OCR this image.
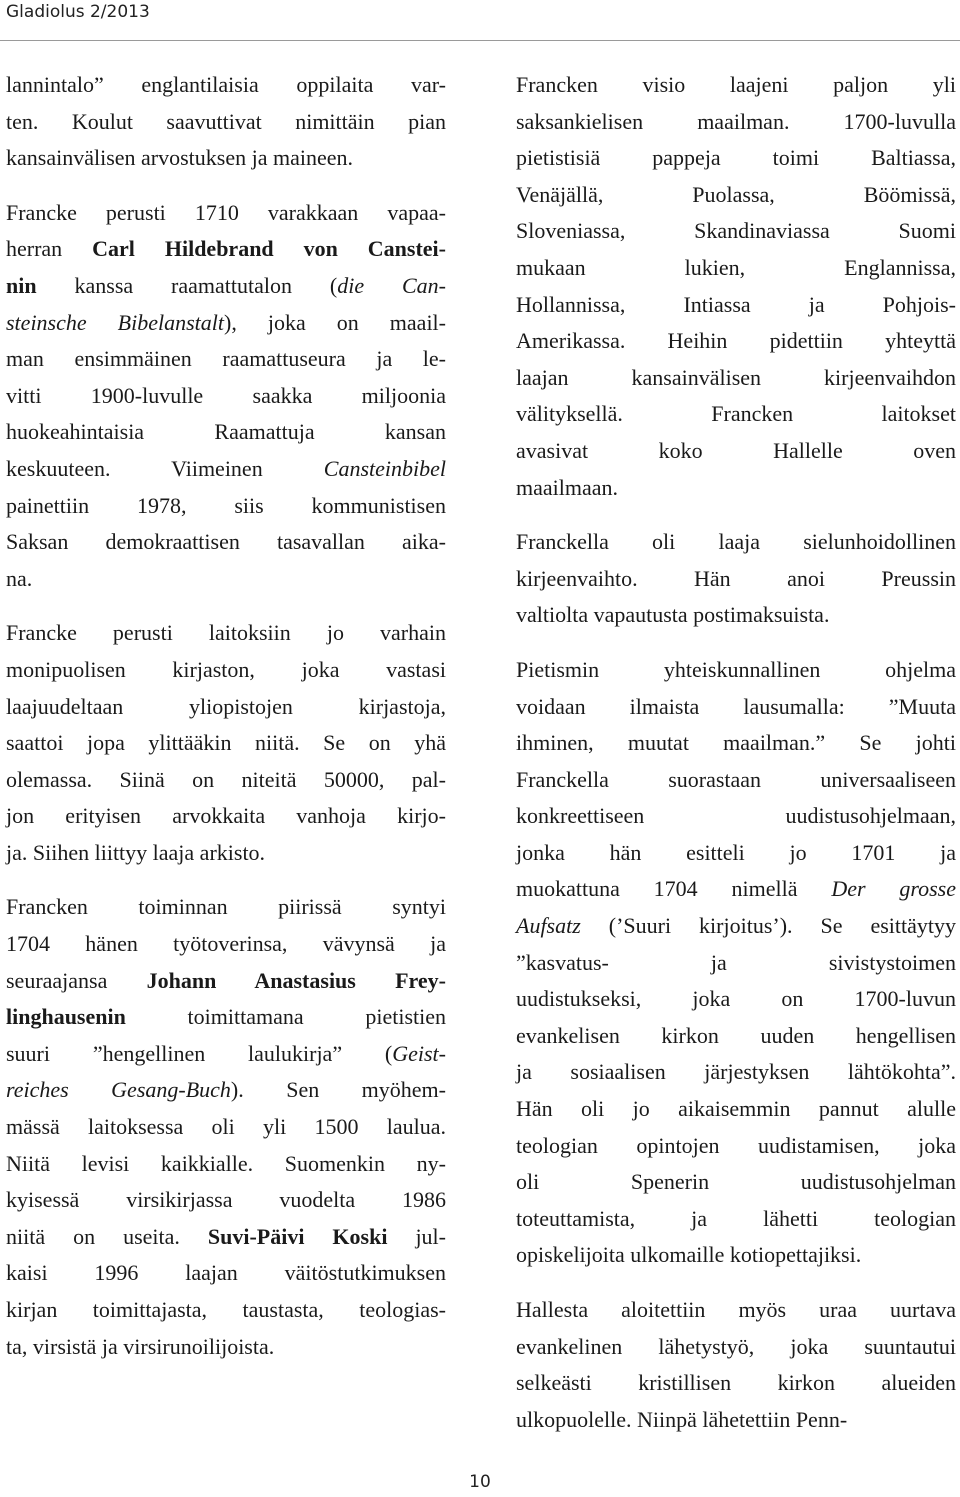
Gladiolus 2/2013
lannintalo” englantilaisia oppilaita var-
ten. Koulut saavuttivat nimittäin pian
kansainvälisen arvostuksen ja maineen.
Francke perusti 1710 varakkaan vapaa-
herran Carl Hildebrand von Canstei-
nin kanssa raamattutalon (die Can-
steinsche Bibelanstalt), joka on maail-
man ensimmäinen raamattuseura ja le-
vitti 1900-luvulle saakka miljoonia
huokeahintaisia Raamattuja kansan
keskuuteen. Viimeinen Cansteinbibel
painettiin 1978, siis kommunistisen
Saksan demokraattisen tasavallan aika-
na.
Francke perusti laitoksiin jo varhain
monipuolisen kirjaston, joka vastasi
laajuudeltaan yliopistojen kirjastoja,
saattoi jopa ylittääkin niitä. Se on yhä
olemassa. Siinä on niteitä 50000, pal-
jon erityisen arvokkaita vanhoja kirjo-
ja. Siihen liittyy laaja arkisto.
Francken toiminnan piirissä syntyi
1704 hänen työtoverinsa, vävynsä ja
seuraajansa Johann Anastasius Frey-
linghausenin toimittamana pietistien
suuri ”hengellinen laulukirja” (Geist-
reiches Gesang-Buch). Sen myöhem-
mässä laitoksessa oli yli 1500 laulua.
Niitä levisi kaikkialle. Suomenkin ny-
kyisessä virsikirjassa vuodelta 1986
niitä on useita. Suvi-Päivi Koski jul-
kaisi 1996 laajan väitöstutkimuksen
kirjan toimittajasta, taustasta, teologias-
ta, virsistä ja virsirunoilijoista.
Francken visio laajeni paljon yli
saksankielisen maailman. 1700-luvulla
pietistisiä pappeja toimi Baltiassa,
Venäjällä, Puolassa, Böömissä,
Sloveniassa, Skandinaviassa Suomi
mukaan lukien, Englannissa,
Hollannissa, Intiassa ja Pohjois-
Amerikassa. Heihin pidettiin yhteyttä
laajan kansainvälisen kirjeenvaihdon
välityksellä. Francken laitokset
avasivat koko Hallelle oven
maailmaan.
Franckella oli laaja sielunhoidollinen
kirjeenvaihto. Hän anoi Preussin
valtiolta vapautusta postimaksuista.
Pietismin yhteiskunnallinen ohjelma
voidaan ilmaista lausumalla: ”Muuta
ihminen, muutat maailman.” Se johti
Franckella suorastaan universaaliseen
konkreettiseen uudistusohjelmaan,
jonka hän esitteli jo 1701 ja
muokattuna 1704 nimellä Der grosse
Aufsatz (’Suuri kirjoitus’). Se esittäytyy
”kasvatus- ja sivistystoimen
uudistukseksi, joka on 1700-luvun
evankelisen kirkon uuden hengellisen
ja sosiaalisen järjestyksen lähtökohta”.
Hän oli jo aikaisemmin pannut alulle
teologian opintojen uudistamisen, joka
oli Spenerin uudistusohjelman
toteuttamista, ja lähetti teologian
opiskelijoita ulkomaille kotiopettajiksi.
Hallesta aloitettiin myös uraa uurtava
evankelinen lähetystyö, joka suuntautui
selkeästi kristillisen kirkon alueiden
ulkopuolelle. Niinpä lähetettiin Penn-
10
